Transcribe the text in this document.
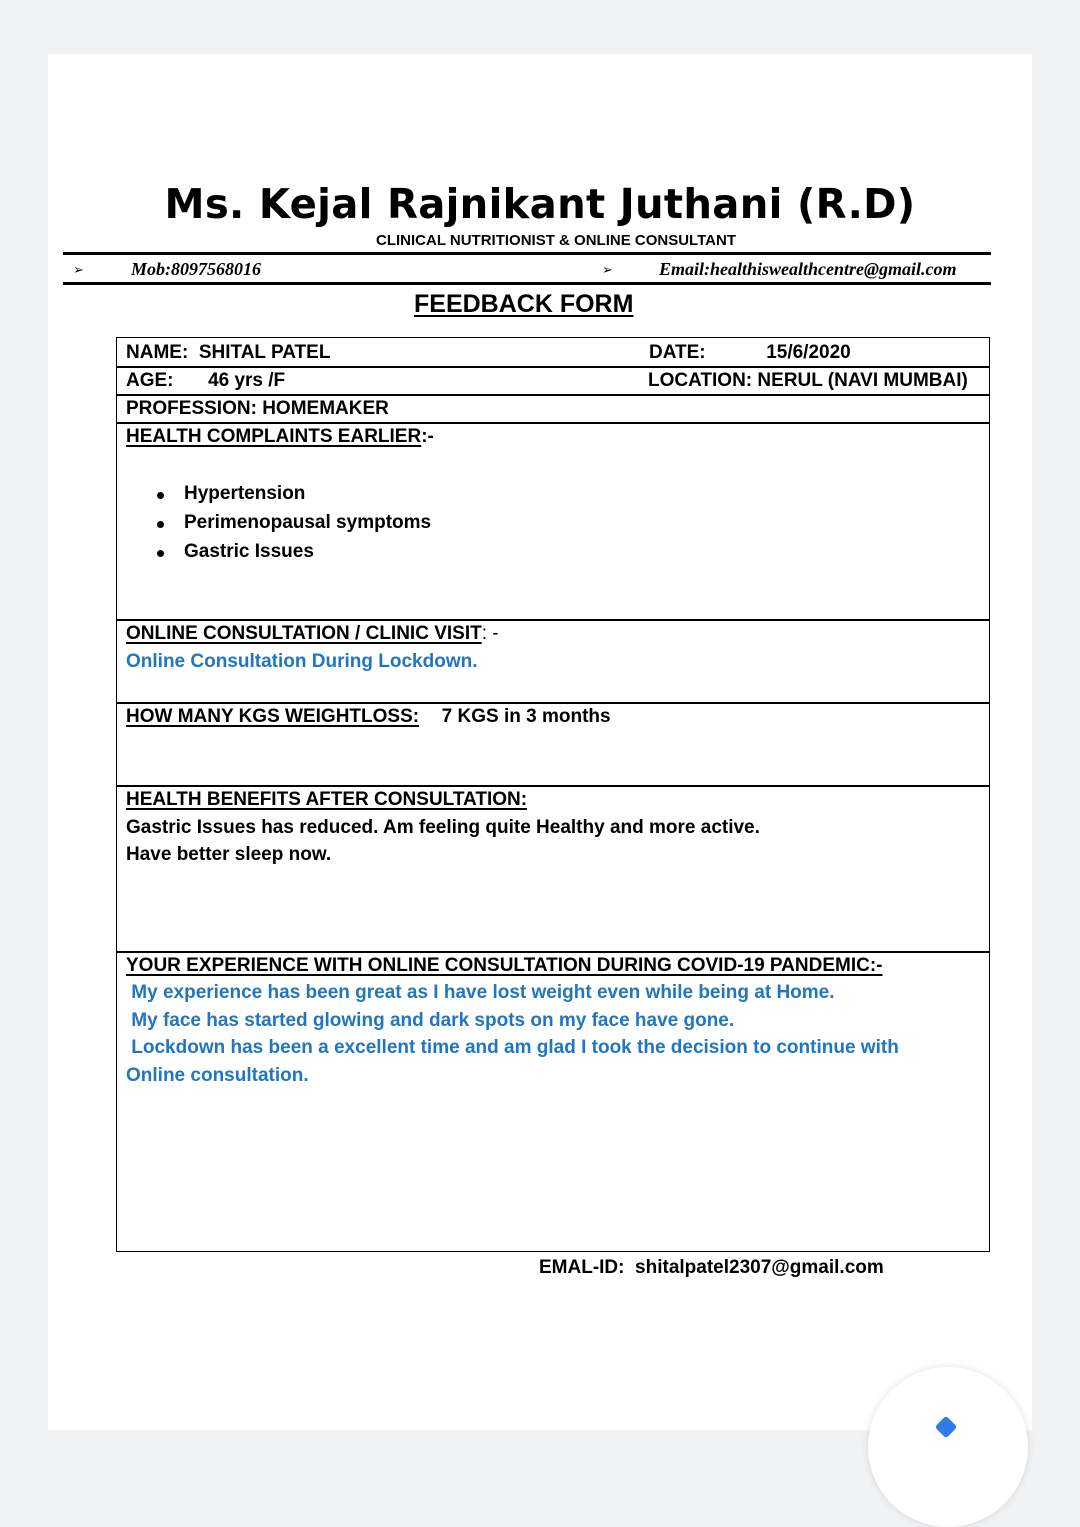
Ms. Kejal Rajnikant Juthani (R.D)
CLINICAL NUTRITIONIST & ONLINE CONSULTANT
➢	Mob:8097568016	➢	Email:healthiswealthcentre@gmail.com
FEEDBACK FORM
NAME: SHITAL PATEL	DATE:	15/6/2020
AGE: 46 yrs /F	LOCATION: NERUL (NAVI MUMBAI)
PROFESSION: HOMEMAKER
HEALTH COMPLAINTS EARLIER:-
Hypertension
Perimenopausal symptoms
Gastric Issues
ONLINE CONSULTATION / CLINIC VISIT: -
Online Consultation During Lockdown.
HOW MANY KGS WEIGHTLOSS: 7 KGS in 3 months
HEALTH BENEFITS AFTER CONSULTATION:
Gastric Issues has reduced. Am feeling quite Healthy and more active.
Have better sleep now.
YOUR EXPERIENCE WITH ONLINE CONSULTATION DURING COVID-19 PANDEMIC:-
My experience has been great as I have lost weight even while being at Home.
My face has started glowing and dark spots on my face have gone.
Lockdown has been a excellent time and am glad I took the decision to continue with
Online consultation.
EMAL-ID: shitalpatel2307@gmail.com
